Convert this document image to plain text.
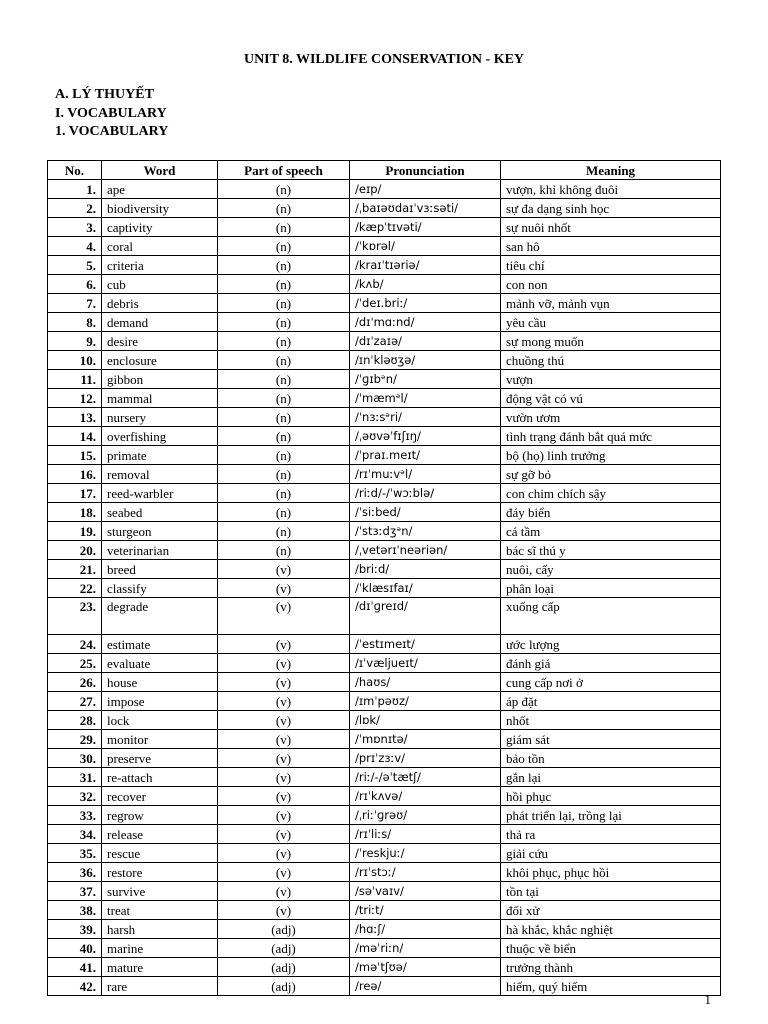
UNIT 8. WILDLIFE CONSERVATION - KEY
A. LÝ THUYẾT
I. VOCABULARY
1. VOCABULARY
No.	Word	Part of speech	Pronunciation	Meaning
1.	ape	(n)	/eɪp/	vượn, khỉ không đuôi
2.	biodiversity	(n)	/ˌbaɪəʊdaɪˈvɜːsəti/	sự đa dạng sinh học
3.	captivity	(n)	/kæpˈtɪvəti/	sự nuôi nhốt
4.	coral	(n)	/ˈkɒrəl/	san hô
5.	criteria	(n)	/kraɪˈtɪəriə/	tiêu chí
6.	cub	(n)	/kʌb/	con non
7.	debris	(n)	/ˈdeɪ.briː/	mảnh vỡ, mảnh vụn
8.	demand	(n)	/dɪˈmɑːnd/	yêu cầu
9.	desire	(n)	/dɪˈzaɪə/	sự mong muốn
10.	enclosure	(n)	/ɪnˈkləʊʒə/	chuồng thú
11.	gibbon	(n)	/ˈɡɪbᵊn/	vượn
12.	mammal	(n)	/ˈmæmᵊl/	động vật có vú
13.	nursery	(n)	/ˈnɜːsᵊri/	vườn ươm
14.	overfishing	(n)	/ˌəʊvəˈfɪʃɪŋ/	tình trạng đánh bắt quá mức
15.	primate	(n)	/ˈpraɪ.meɪt/	bộ (họ) linh trưởng
16.	removal	(n)	/rɪˈmuːvᵊl/	sự gỡ bỏ
17.	reed-warbler	(n)	/riːd/-/ˈwɔːblə/	con chim chích sậy
18.	seabed	(n)	/ˈsiːbed/	đáy biển
19.	sturgeon	(n)	/ˈstɜːdʒᵊn/	cá tầm
20.	veterinarian	(n)	/ˌvetərɪˈneəriən/	bác sĩ thú y
21.	breed	(v)	/briːd/	nuôi, cấy
22.	classify	(v)	/ˈklæsɪfaɪ/	phân loại
23.	degrade	(v)	/dɪˈɡreɪd/	xuống cấp
24.	estimate	(v)	/ˈestɪmeɪt/	ước lượng
25.	evaluate	(v)	/ɪˈvæljueɪt/	đánh giá
26.	house	(v)	/haʊs/	cung cấp nơi ở
27.	impose	(v)	/ɪmˈpəʊz/	áp đặt
28.	lock	(v)	/lɒk/	nhốt
29.	monitor	(v)	/ˈmɒnɪtə/	giám sát
30.	preserve	(v)	/prɪˈzɜːv/	bảo tồn
31.	re-attach	(v)	/riː/-/əˈtætʃ/	gắn lại
32.	recover	(v)	/rɪˈkʌvə/	hồi phục
33.	regrow	(v)	/ˌriːˈɡrəʊ/	phát triển lại, trồng lại
34.	release	(v)	/rɪˈliːs/	thả ra
35.	rescue	(v)	/ˈreskjuː/	giải cứu
36.	restore	(v)	/rɪˈstɔː/	khôi phục, phục hồi
37.	survive	(v)	/səˈvaɪv/	tồn tại
38.	treat	(v)	/triːt/	đối xử
39.	harsh	(adj)	/hɑːʃ/	hà khắc, khắc nghiệt
40.	marine	(adj)	/məˈriːn/	thuộc về biển
41.	mature	(adj)	/məˈtʃʊə/	trưởng thành
42.	rare	(adj)	/reə/	hiếm, quý hiếm
1
